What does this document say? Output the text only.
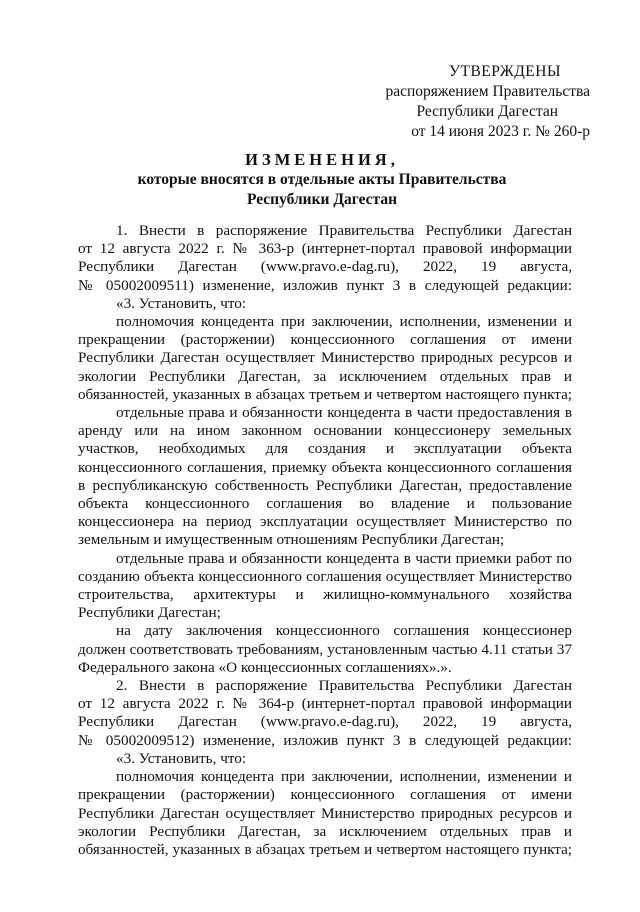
УТВЕРЖДЕНЫ
распоряжением Правительства
Республики Дагестан
от 14 июня 2023 г. № 260-р
ИЗМЕНЕНИЯ,
которые вносятся в отдельные акты Правительства
Республики Дагестан
1. Внести в распоряжение Правительства Республики Дагестан
от 12 августа 2022 г. № 363-р (интернет-портал правовой информации
Республики Дагестан (www.pravo.e-dag.ru), 2022, 19 августа,
№ 05002009511) изменение, изложив пункт 3 в следующей редакции:
«3. Установить, что:
полномочия концедента при заключении, исполнении, изменении и
прекращении (расторжении) концессионного соглашения от имени
Республики Дагестан осуществляет Министерство природных ресурсов и
экологии Республики Дагестан, за исключением отдельных прав и
обязанностей, указанных в абзацах третьем и четвертом настоящего пункта;
отдельные права и обязанности концедента в части предоставления в
аренду или на ином законном основании концессионеру земельных
участков, необходимых для создания и эксплуатации объекта
концессионного соглашения, приемку объекта концессионного соглашения
в республиканскую собственность Республики Дагестан, предоставление
объекта концессионного соглашения во владение и пользование
концессионера на период эксплуатации осуществляет Министерство по
земельным и имущественным отношениям Республики Дагестан;
отдельные права и обязанности концедента в части приемки работ по
созданию объекта концессионного соглашения осуществляет Министерство
строительства, архитектуры и жилищно-коммунального хозяйства
Республики Дагестан;
на дату заключения концессионного соглашения концессионер
должен соответствовать требованиям, установленным частью 4.11 статьи 37
Федерального закона «О концессионных соглашениях».».
2. Внести в распоряжение Правительства Республики Дагестан
от 12 августа 2022 г. № 364-р (интернет-портал правовой информации
Республики Дагестан (www.pravo.e-dag.ru), 2022, 19 августа,
№ 05002009512) изменение, изложив пункт 3 в следующей редакции:
«3. Установить, что:
полномочия концедента при заключении, исполнении, изменении и
прекращении (расторжении) концессионного соглашения от имени
Республики Дагестан осуществляет Министерство природных ресурсов и
экологии Республики Дагестан, за исключением отдельных прав и
обязанностей, указанных в абзацах третьем и четвертом настоящего пункта;
